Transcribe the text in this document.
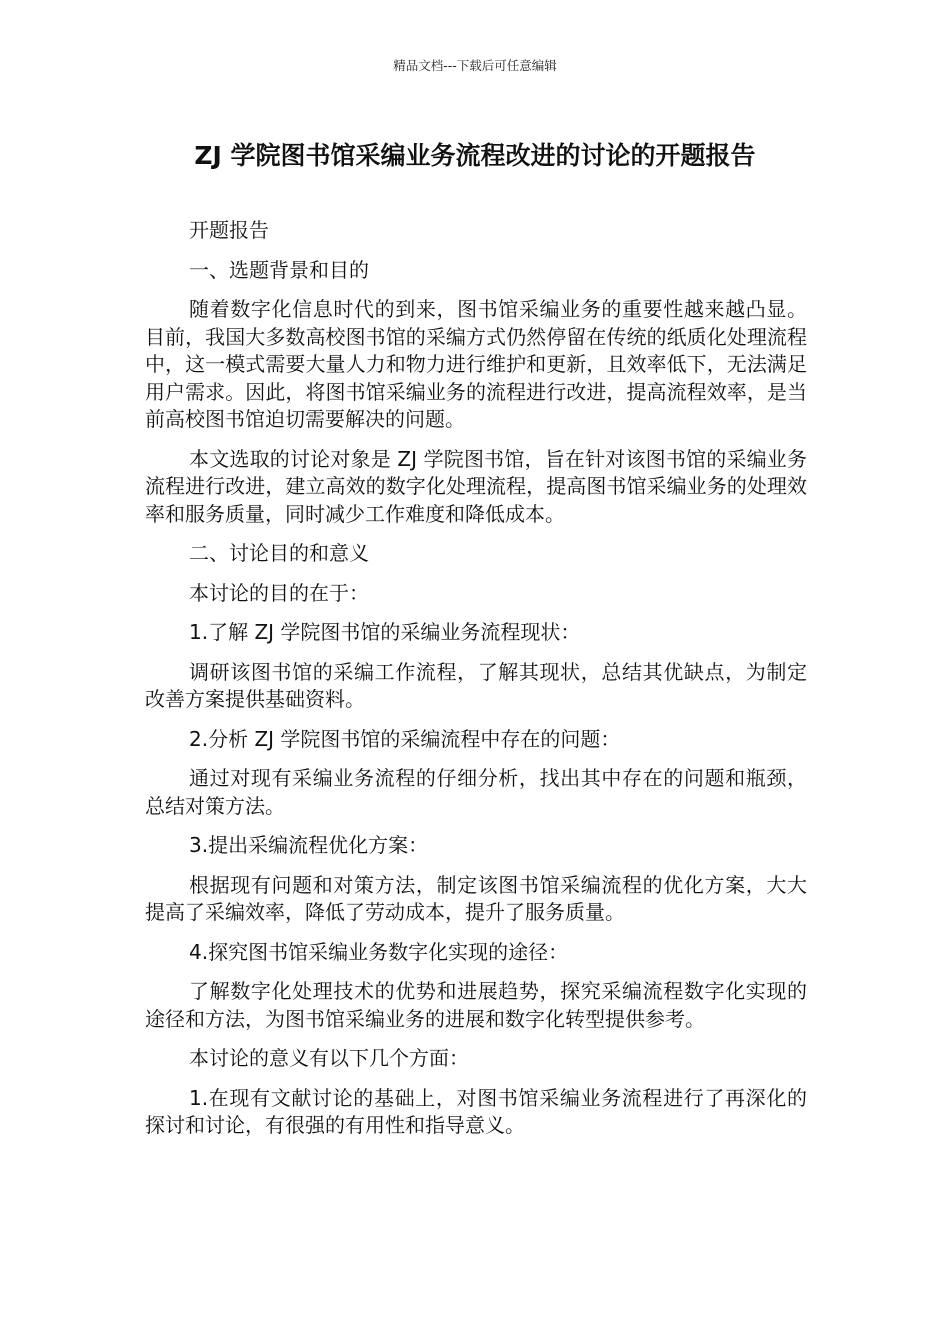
精品文档---下载后可任意编辑
ZJ 学院图书馆采编业务流程改进的讨论的开题报告

开题报告

一、选题背景和目的

随着数字化信息时代的到来，图书馆采编业务的重要性越来越凸显。目前，我国大多数高校图书馆的采编方式仍然停留在传统的纸质化处理流程中，这一模式需要大量人力和物力进行维护和更新，且效率低下，无法满足用户需求。因此，将图书馆采编业务的流程进行改进，提高流程效率，是当前高校图书馆迫切需要解决的问题。

本文选取的讨论对象是 ZJ 学院图书馆，旨在针对该图书馆的采编业务流程进行改进，建立高效的数字化处理流程，提高图书馆采编业务的处理效率和服务质量，同时减少工作难度和降低成本。

二、讨论目的和意义

本讨论的目的在于：

1.了解 ZJ 学院图书馆的采编业务流程现状：

调研该图书馆的采编工作流程，了解其现状，总结其优缺点，为制定改善方案提供基础资料。

2.分析 ZJ 学院图书馆的采编流程中存在的问题：

通过对现有采编业务流程的仔细分析，找出其中存在的问题和瓶颈，总结对策方法。

3.提出采编流程优化方案：

根据现有问题和对策方法，制定该图书馆采编流程的优化方案，大大提高了采编效率，降低了劳动成本，提升了服务质量。

4.探究图书馆采编业务数字化实现的途径：

了解数字化处理技术的优势和进展趋势，探究采编流程数字化实现的途径和方法，为图书馆采编业务的进展和数字化转型提供参考。

本讨论的意义有以下几个方面：

1.在现有文献讨论的基础上，对图书馆采编业务流程进行了再深化的探讨和讨论，有很强的有用性和指导意义。
